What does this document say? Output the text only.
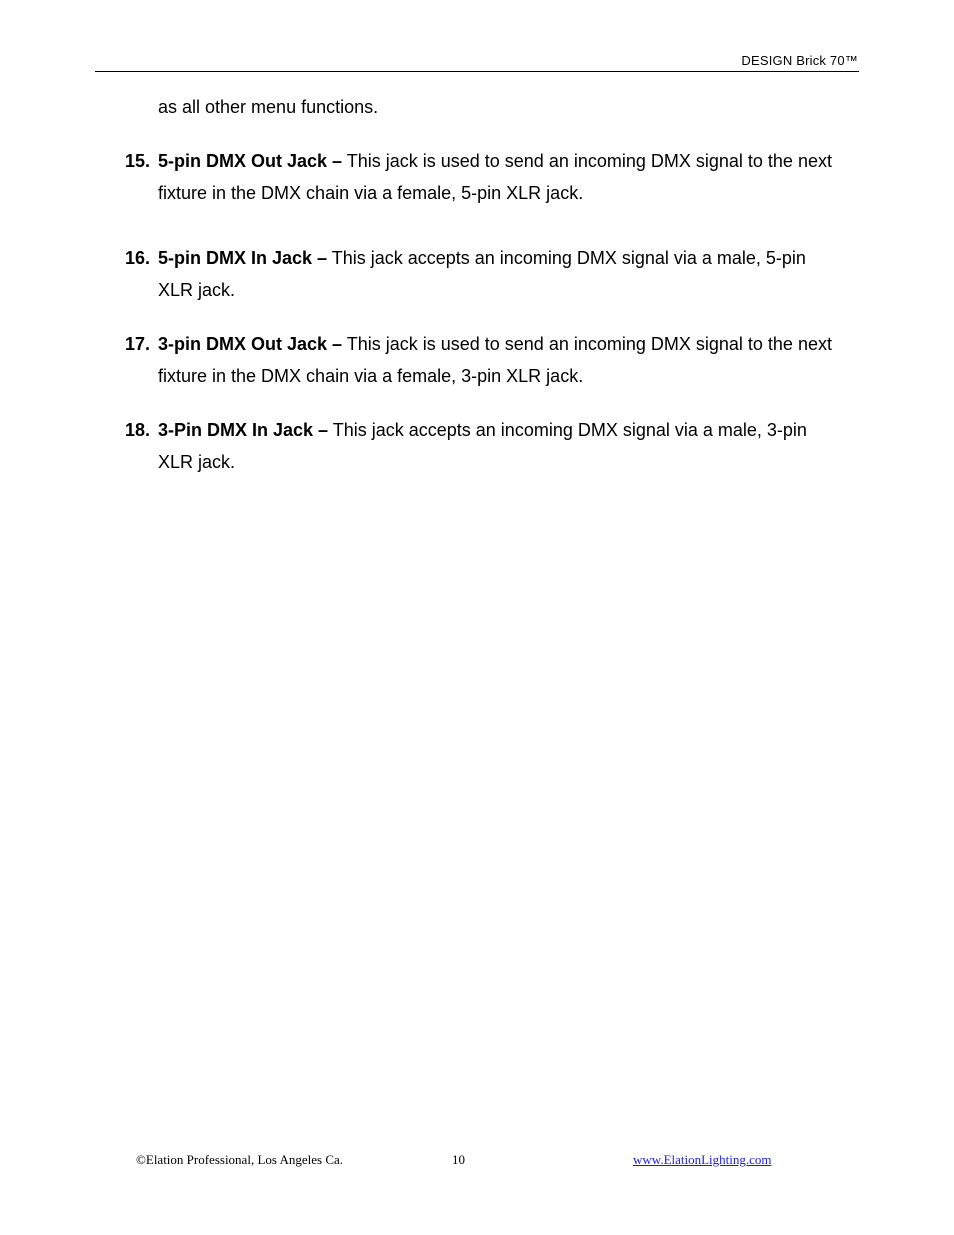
DESIGN Brick 70™
as all other menu functions.
15. 5-pin DMX Out Jack – This jack is used to send an incoming DMX signal to the next
fixture in the DMX chain via a female, 5-pin XLR jack.
16. 5-pin DMX In Jack – This jack accepts an incoming DMX signal via a male, 5-pin
XLR jack.
17. 3-pin DMX Out Jack – This jack is used to send an incoming DMX signal to the next
fixture in the DMX chain via a female, 3-pin XLR jack.
18. 3-Pin DMX In Jack – This jack accepts an incoming DMX signal via a male, 3-pin
XLR jack.
©Elation Professional, Los Angeles Ca.	10	www.ElationLighting.com
